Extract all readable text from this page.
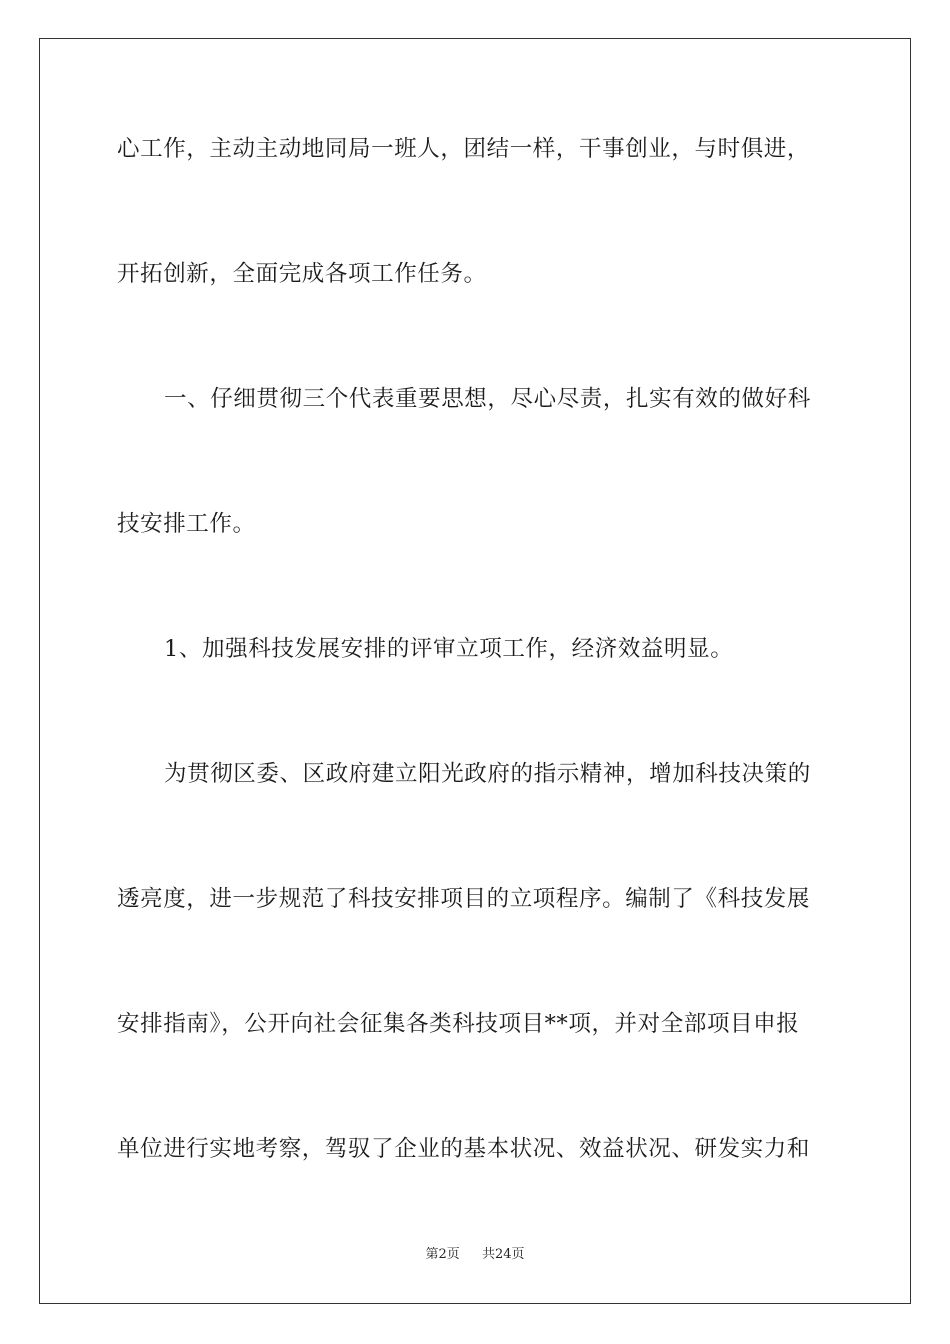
心工作，主动主动地同局一班人，团结一样，干事创业，与时俱进，
开拓创新，全面完成各项工作任务。
一、仔细贯彻三个代表重要思想，尽心尽责，扎实有效的做好科
技安排工作。
1、加强科技发展安排的评审立项工作，经济效益明显。
为贯彻区委、区政府建立阳光政府的指示精神，增加科技决策的
透亮度，进一步规范了科技安排项目的立项程序。编制了《科技发展
安排指南》，公开向社会征集各类科技项目**项，并对全部项目申报
单位进行实地考察，驾驭了企业的基本状况、效益状况、研发实力和
第2页 共24页
